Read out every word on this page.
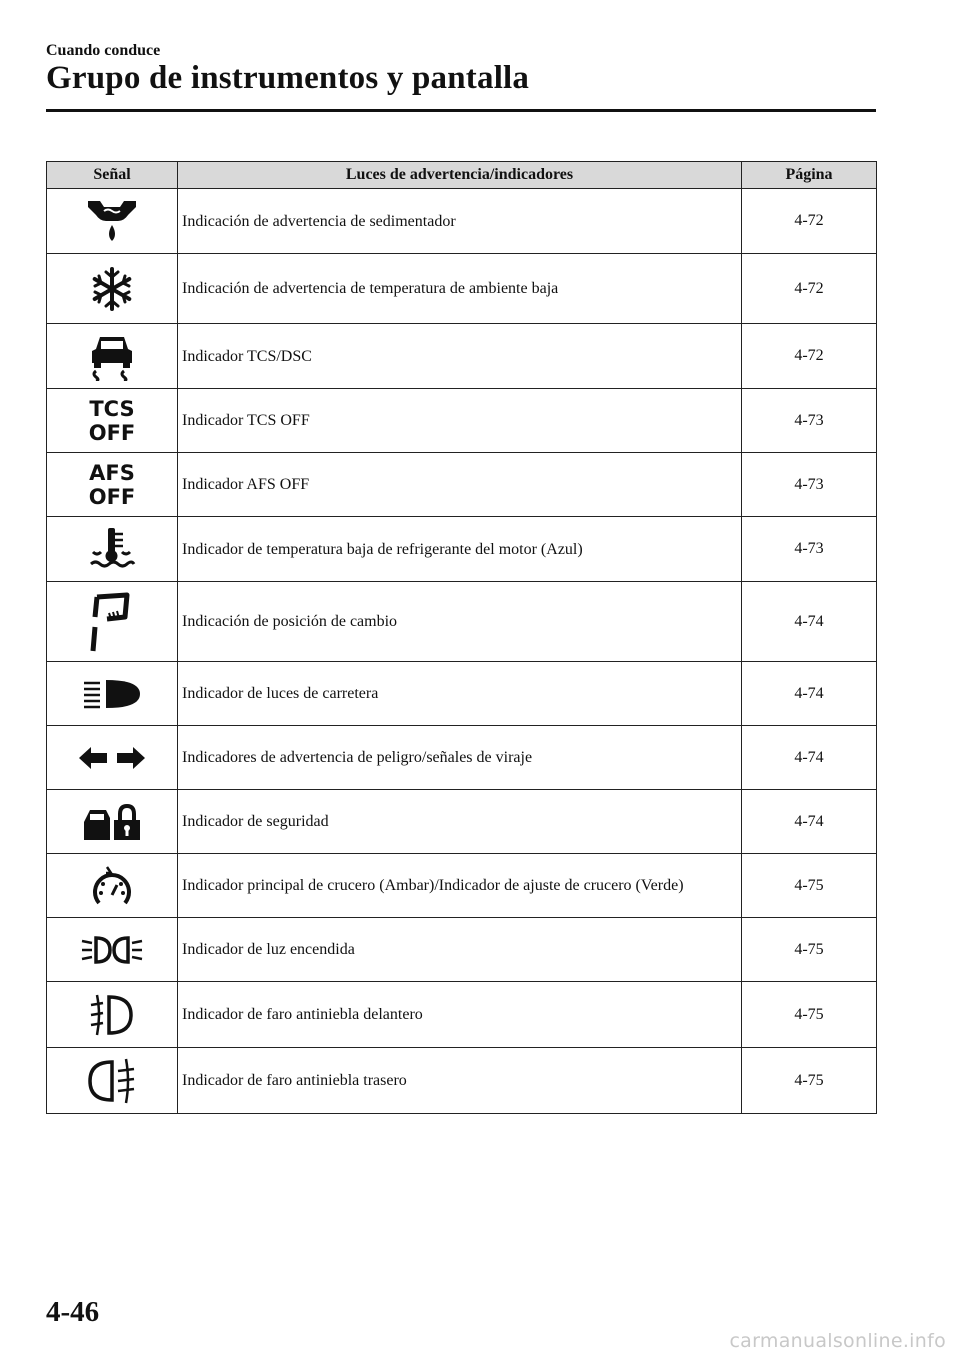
Cuando conduce
Grupo de instrumentos y pantalla
Señal	Luces de advertencia/indicadores	Página

	Indicación de advertencia de sedimentador	4-72

	Indicación de advertencia de temperatura de ambiente baja	4-72

	Indicador TCS/DSC	4-72
TCS
OFF	Indicador TCS OFF	4-73
AFS
OFF	Indicador AFS OFF	4-73

	Indicador de temperatura baja de refrigerante del motor (Azul)	4-73

	Indicación de posición de cambio	4-74

	Indicador de luces de carretera	4-74

	Indicadores de advertencia de peligro/señales de viraje	4-74

	Indicador de seguridad	4-74

	Indicador principal de crucero (Ambar)/Indicador de ajuste de crucero (Verde)	4-75

	Indicador de luz encendida	4-75

	Indicador de faro antiniebla delantero	4-75

	Indicador de faro antiniebla trasero	4-75
4-46
carmanualsonline.info
